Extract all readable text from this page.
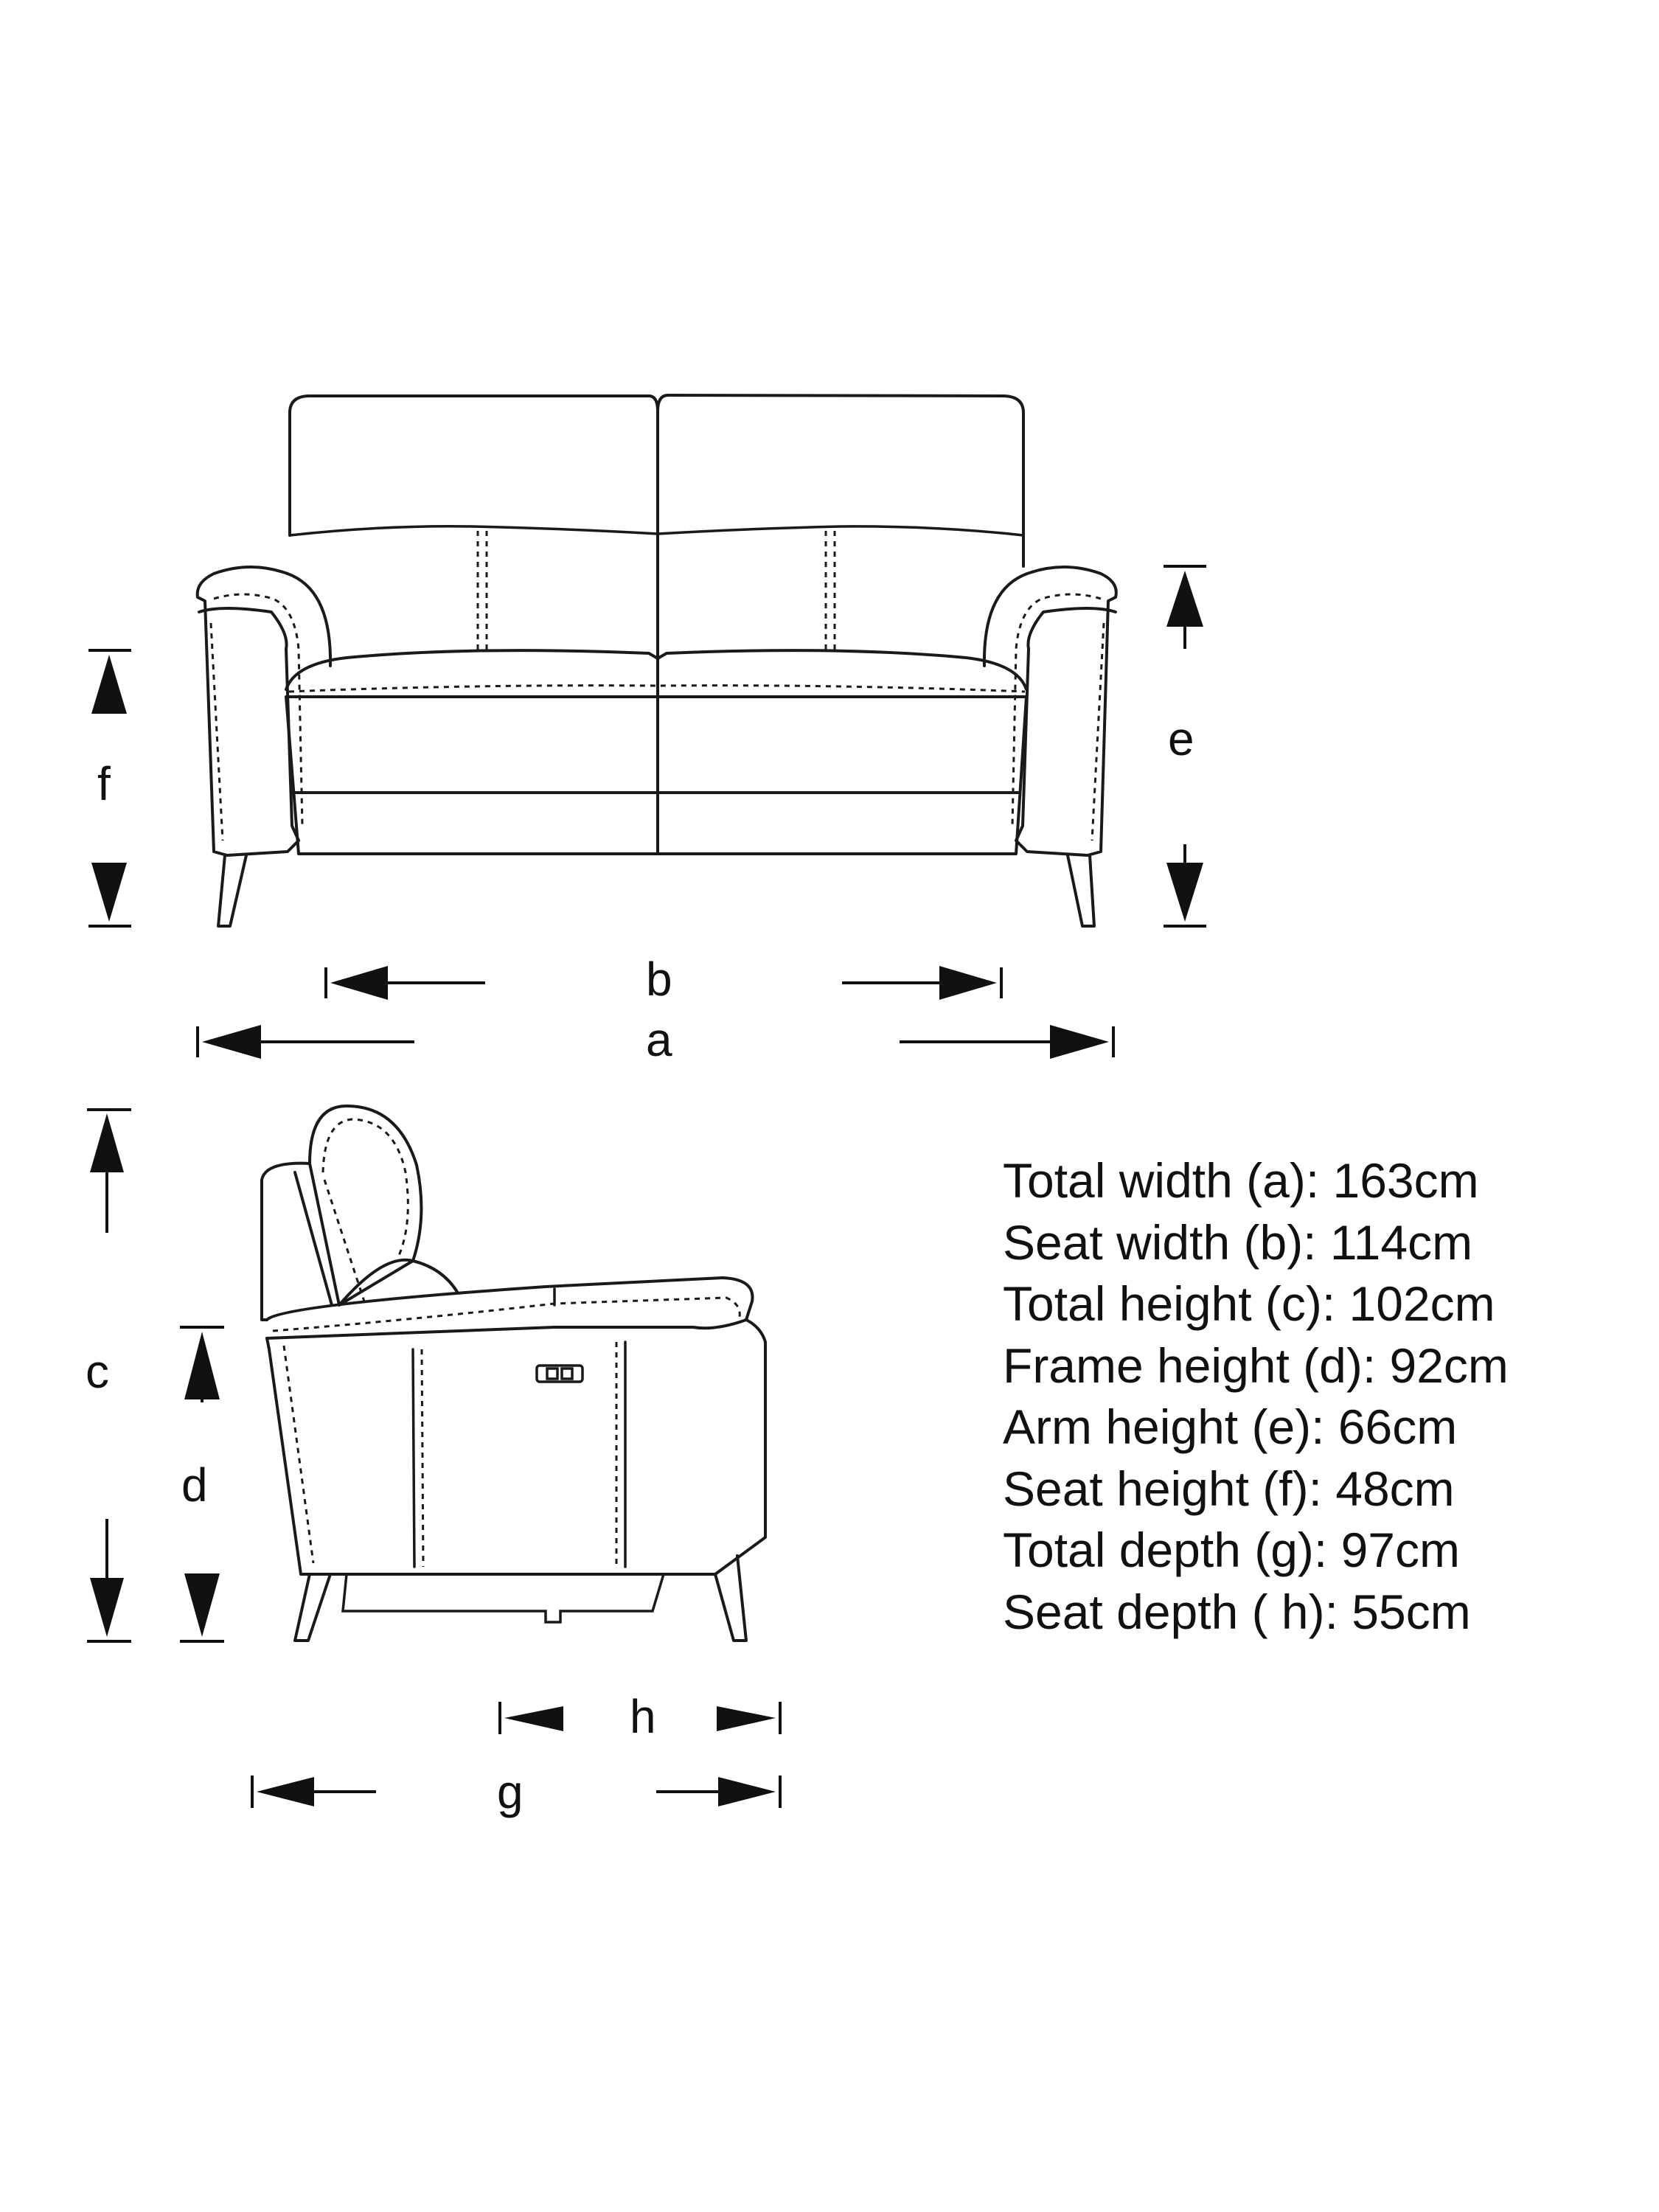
f
e
b
a
c
d
h
g
Total width (a): 163cm
Seat width (b): 114cm
Total height (c): 102cm
Frame height (d): 92cm
Arm height (e): 66cm
Seat height (f): 48cm
Total depth (g): 97cm
Seat depth ( h): 55cm
